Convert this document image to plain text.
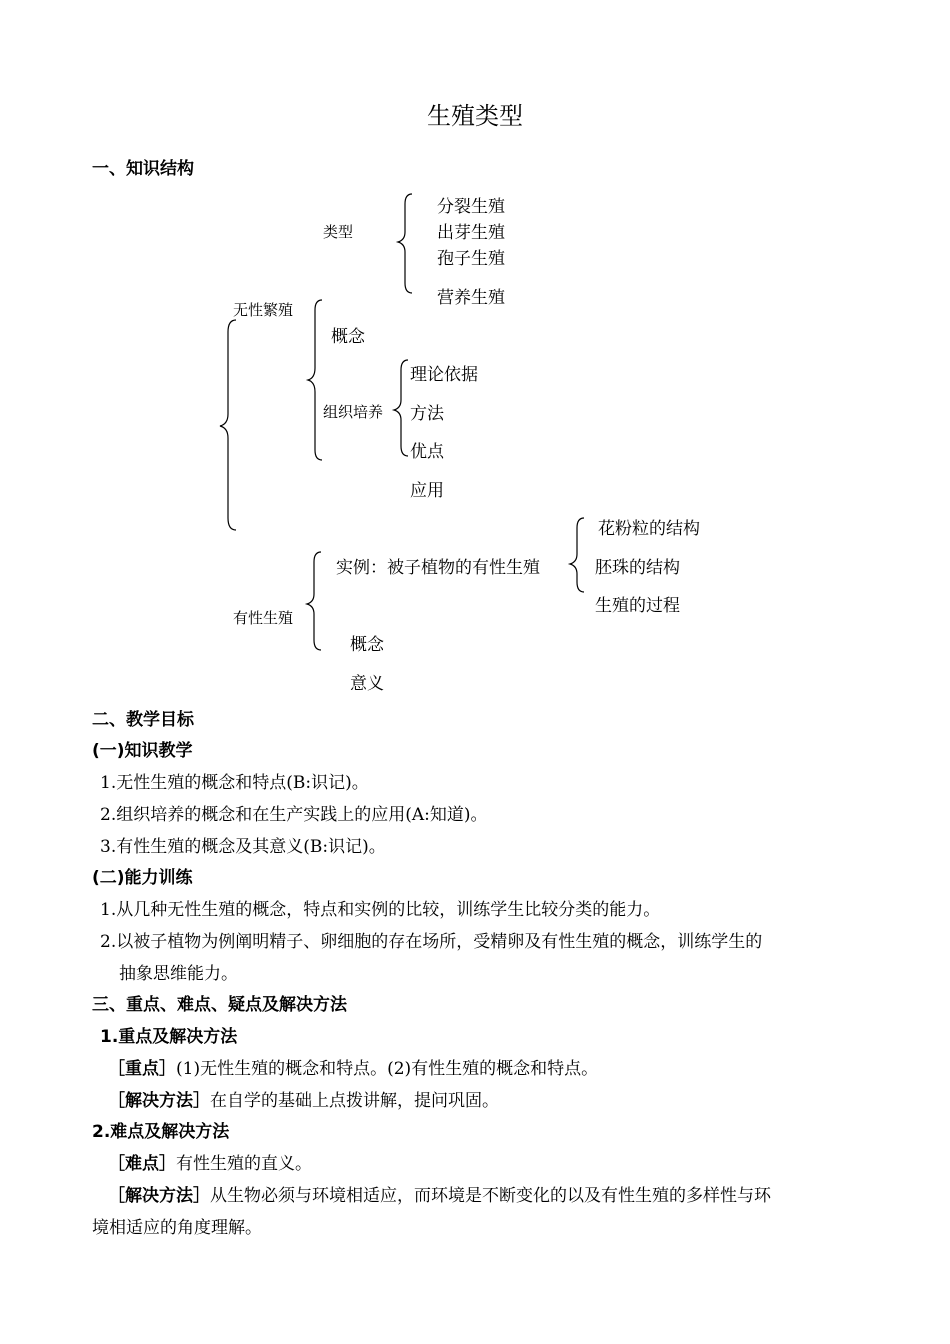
生殖类型
一、知识结构
类型
分裂生殖
出芽生殖
孢子生殖
营养生殖
无性繁殖
概念
组织培养
理论依据
方法
优点
应用
花粉粒的结构
实例：被子植物的有性生殖	胚珠的结构
生殖的过程
有性生殖
概念
意义
二、教学目标
(一)知识教学
1.无性生殖的概念和特点(B:识记)。
2.组织培养的概念和在生产实践上的应用(A:知道)。
3.有性生殖的概念及其意义(B:识记)。
(二)能力训练
1.从几种无性生殖的概念，特点和实例的比较，训练学生比较分类的能力。
2.以被子植物为例阐明精子、卵细胞的存在场所，受精卵及有性生殖的概念，训练学生的
抽象思维能力。
三、重点、难点、疑点及解决方法
1.重点及解决方法
［重点］(1)无性生殖的概念和特点。(2)有性生殖的概念和特点。
［解决方法］在自学的基础上点拨讲解，提问巩固。
2.难点及解决方法
［难点］有性生殖的直义。
［解决方法］从生物必须与环境相适应，而环境是不断变化的以及有性生殖的多样性与环
境相适应的角度理解。
